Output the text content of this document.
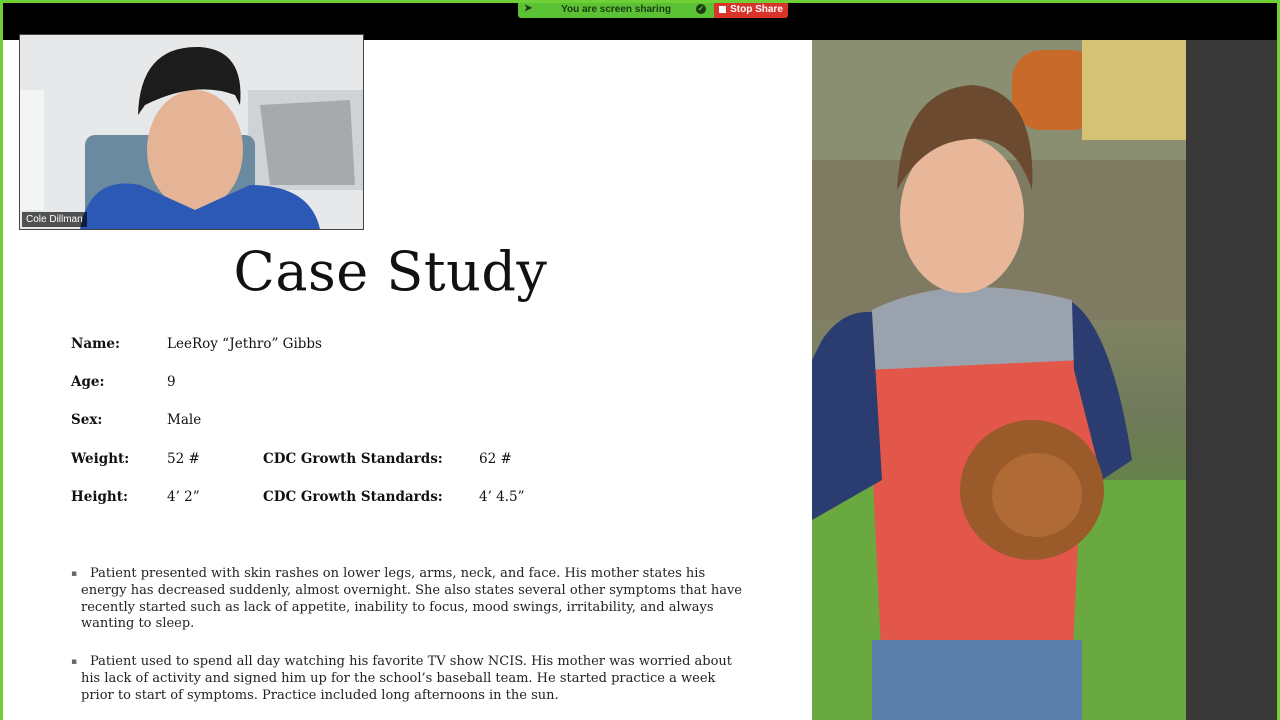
➤	You are screen sharing	✓	Stop Share
Case Study
Name:	LeeRoy “Jethro” Gibbs
Age:	9
Sex:	Male
Weight:	52 #	CDC Growth Standards:	62 #
Height:	4’ 2”	CDC Growth Standards:	4’ 4.5”
▪ Patient presented with skin rashes on lower legs, arms, neck, and face. His mother states his energy has decreased suddenly, almost overnight. She also states several other symptoms that have recently started such as lack of appetite, inability to focus, mood swings, irritability, and always wanting to sleep.

▪ Patient used to spend all day watching his favorite TV show NCIS. His mother was worried about his lack of activity and signed him up for the school’s baseball team. He started practice a week prior to start of symptoms. Practice included long afternoons in the sun.

Cole Dillman
